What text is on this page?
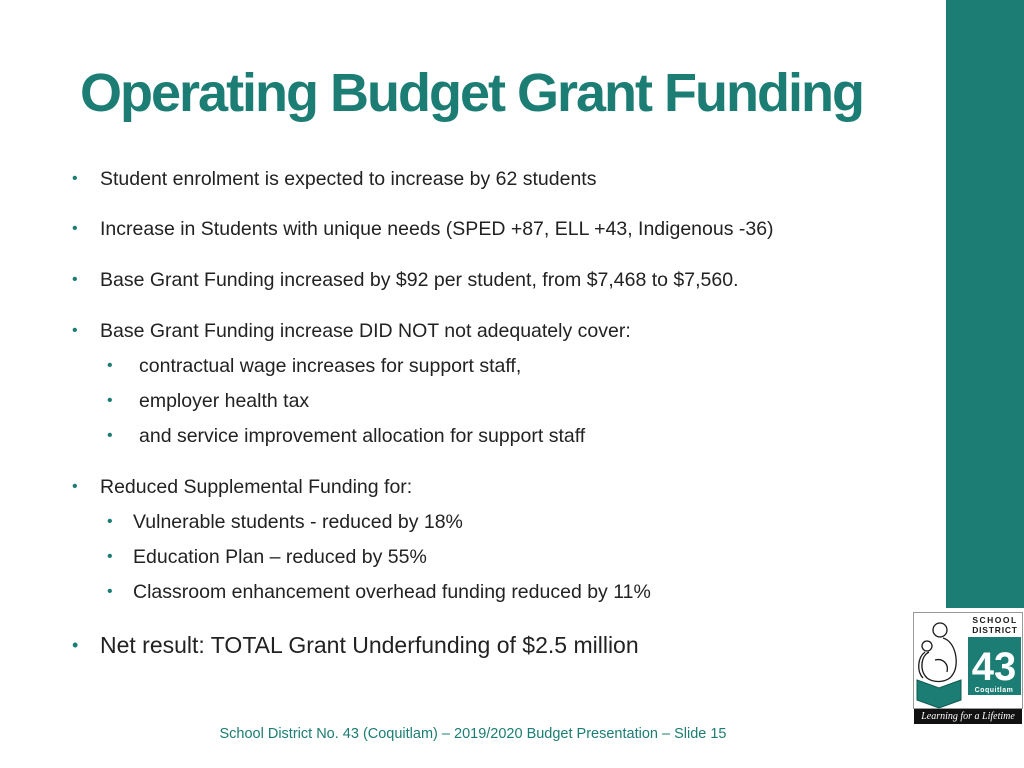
Operating Budget Grant Funding
• Student enrolment is expected to increase by 62 students
• Increase in Students with unique needs (SPED +87, ELL +43, Indigenous -36)
• Base Grant Funding increased by $92 per student, from $7,468 to $7,560.
• Base Grant Funding increase DID NOT not adequately cover:
• contractual wage increases for support staff,
• employer health tax
• and service improvement allocation for support staff
• Reduced Supplemental Funding for:
• Vulnerable students - reduced by 18%
• Education Plan – reduced by 55%
• Classroom enhancement overhead funding reduced by 11%
• Net result: TOTAL Grant Underfunding of $2.5 million
School District No. 43 (Coquitlam) – 2019/2020 Budget Presentation – Slide 15
SCHOOL
DISTRICT
43
Coquitlam
Learning for a Lifetime
